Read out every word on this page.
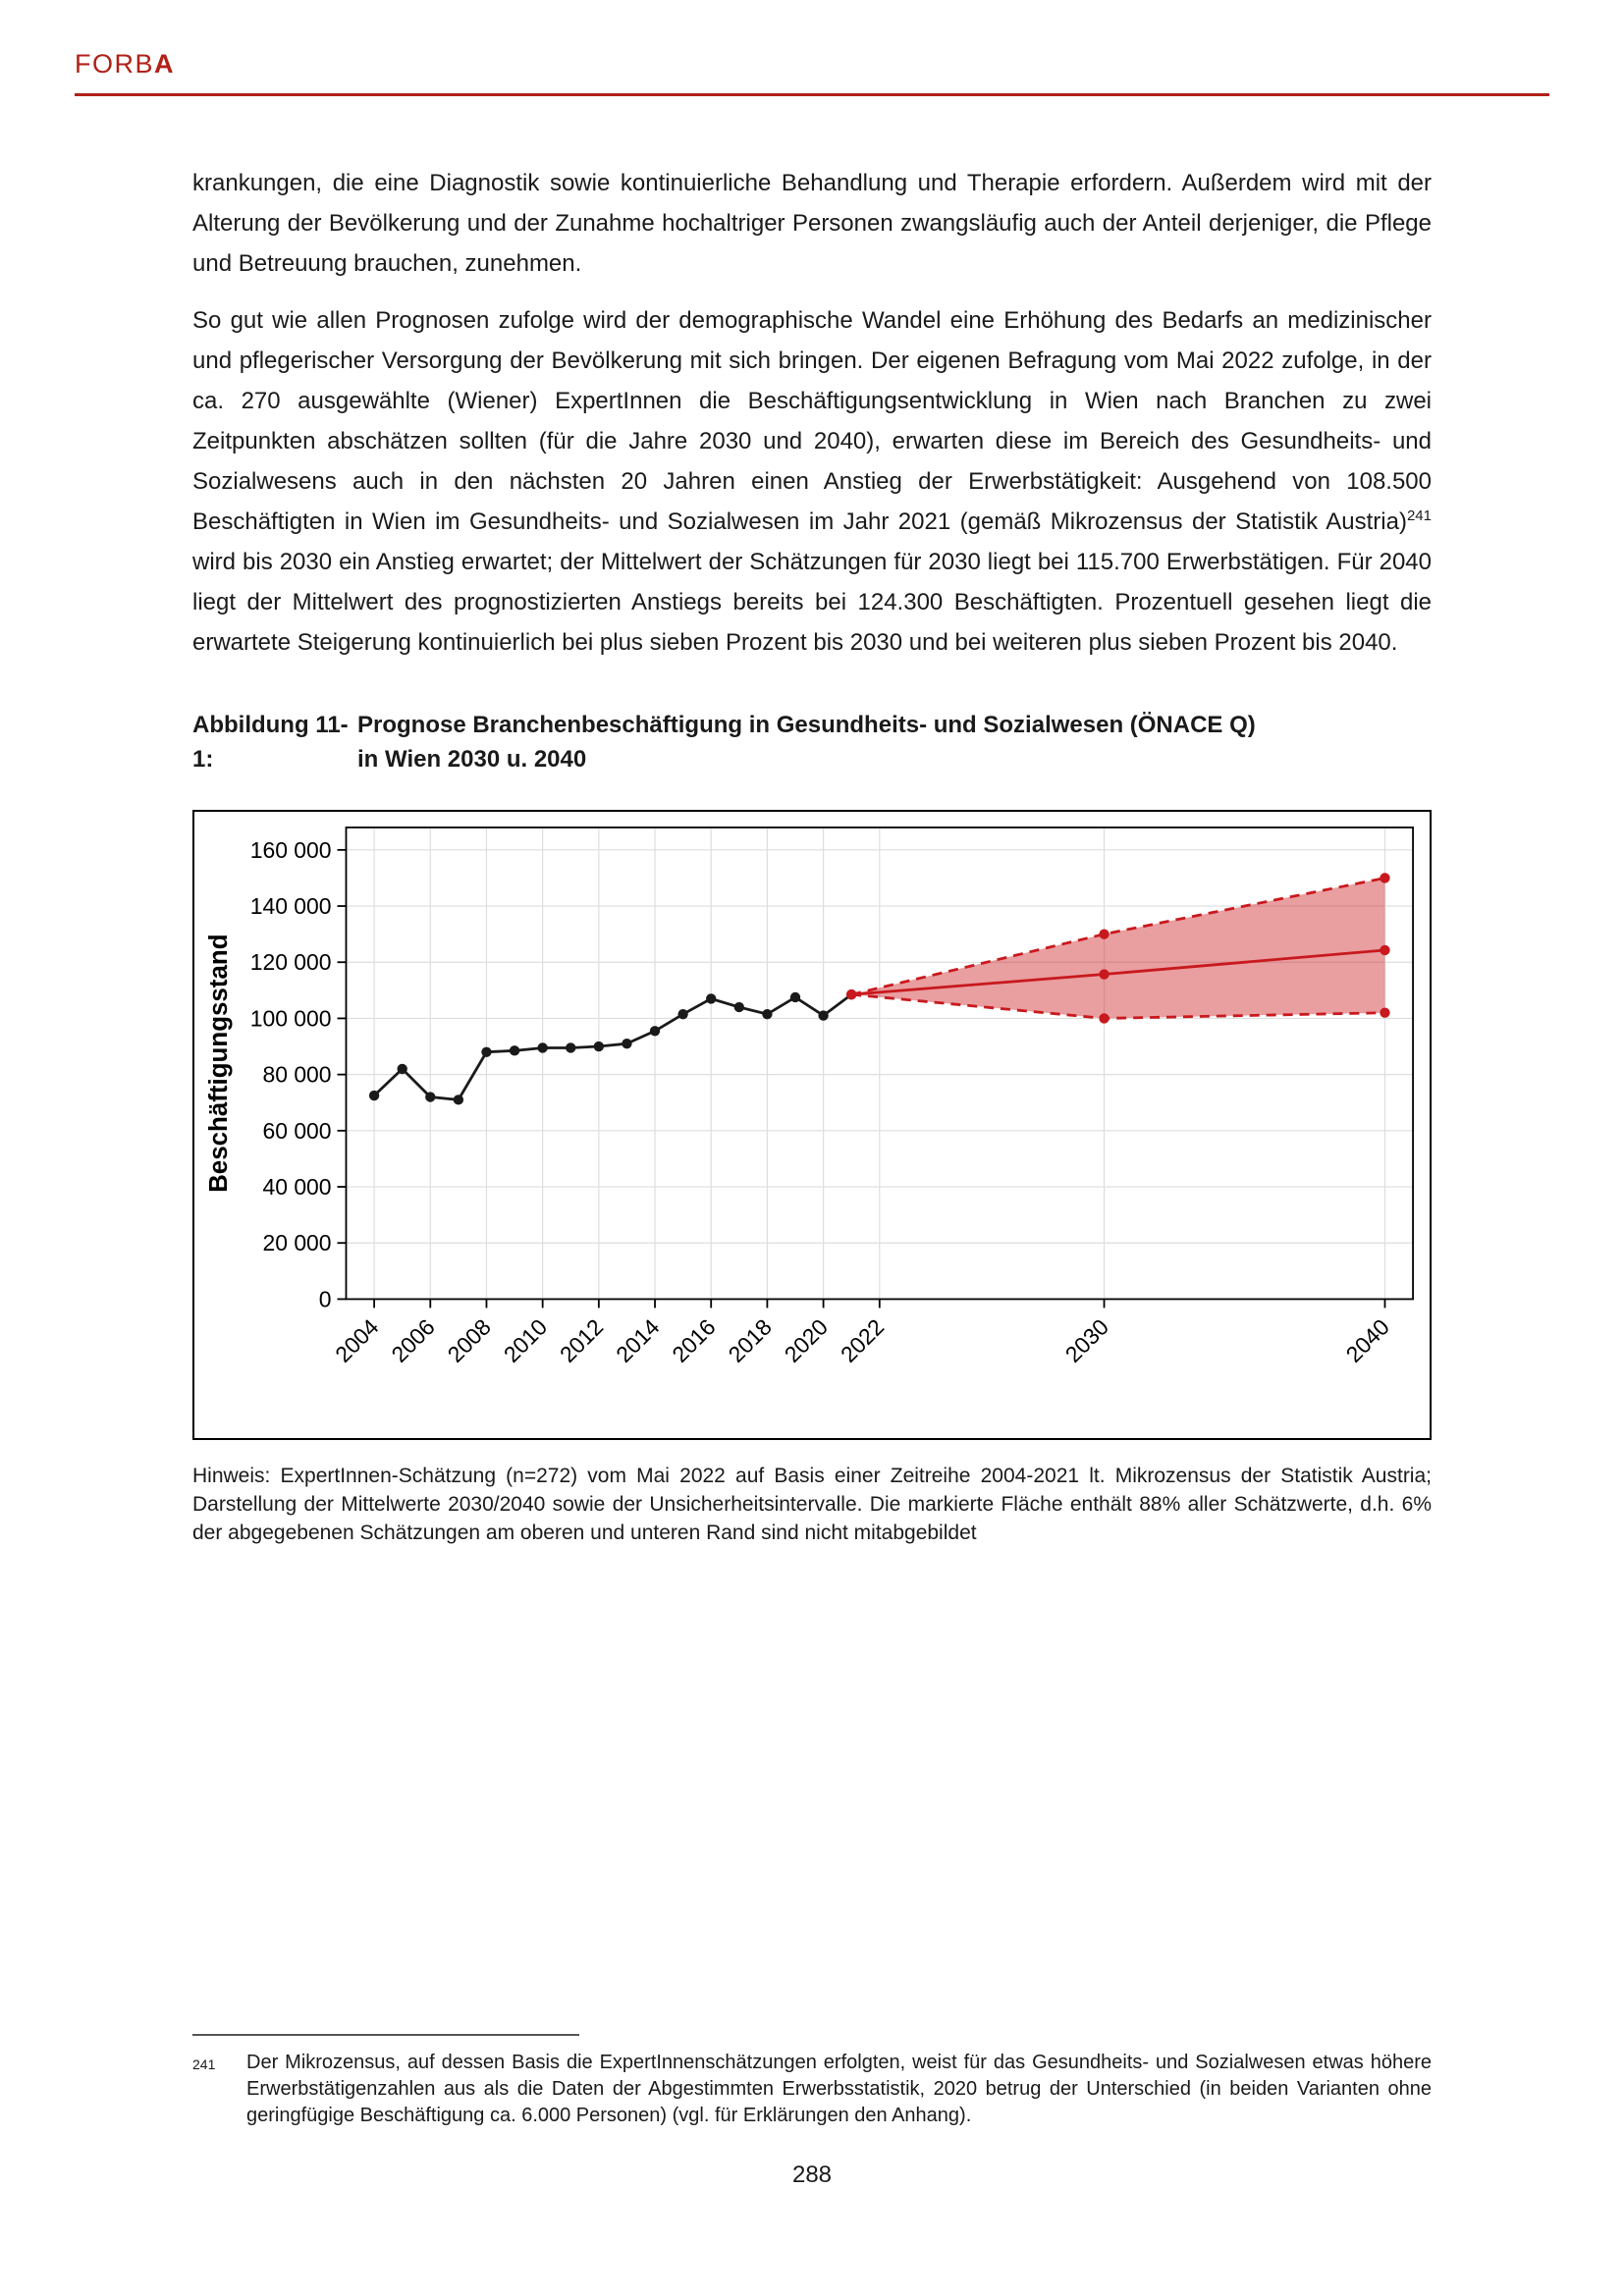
FORBA

krankungen, die eine Diagnostik sowie kontinuierliche Behandlung und Therapie erfordern. Außerdem wird mit der Alterung der Bevölkerung und der Zunahme hochaltriger Personen zwangsläufig auch der Anteil derjeniger, die Pflege und Betreuung brauchen, zunehmen.

So gut wie allen Prognosen zufolge wird der demographische Wandel eine Erhöhung des Bedarfs an medizinischer und pflegerischer Versorgung der Bevölkerung mit sich bringen. Der eigenen Befragung vom Mai 2022 zufolge, in der ca. 270 ausgewählte (Wiener) ExpertInnen die Beschäftigungsentwicklung in Wien nach Branchen zu zwei Zeitpunkten abschätzen sollten (für die Jahre 2030 und 2040), erwarten diese im Bereich des Gesundheits- und Sozialwesens auch in den nächsten 20 Jahren einen Anstieg der Erwerbstätigkeit: Ausgehend von 108.500 Beschäftigten in Wien im Gesundheits- und Sozialwesen im Jahr 2021 (gemäß Mikrozensus der Statistik Austria)$^{241}$ wird bis 2030 ein Anstieg erwartet; der Mittelwert der Schätzungen für 2030 liegt bei 115.700 Erwerbstätigen. Für 2040 liegt der Mittelwert des prognostizierten Anstiegs bereits bei 124.300 Beschäftigten. Prozentuell gesehen liegt die erwartete Steigerung kontinuierlich bei plus sieben Prozent bis 2030 und bei weiteren plus sieben Prozent bis 2040.

Abbildung 11-1:
Prognose Branchenbeschäftigung in Gesundheits- und Sozialwesen (ÖNACE Q)
in Wien 2030 u. 2040
0
20 000
40 000
60 000
80 000
100 000
120 000
140 000
160 000
2004 2006 2008 2010 2012 2014 2016 2018 2020 2022	2030	2040
Beschäftigungsstand

Hinweis: ExpertInnen-Schätzung (n=272) vom Mai 2022 auf Basis einer Zeitreihe 2004-2021 lt. Mikrozensus der Statistik Austria; Darstellung der Mittelwerte 2030/2040 sowie der Unsicherheitsintervalle. Die markierte Fläche enthält 88% aller Schätzwerte, d.h. 6% der abgegebenen Schätzungen am oberen und unteren Rand sind nicht mitabgebildet

241	Der Mikrozensus, auf dessen Basis die ExpertInnenschätzungen erfolgten, weist für das Gesundheits- und Sozialwesen etwas höhere Erwerbstätigenzahlen aus als die Daten der Abgestimmten Erwerbsstatistik, 2020 betrug der Unterschied (in beiden Varianten ohne geringfügige Beschäftigung ca. 6.000 Personen) (vgl. für Erklärungen den Anhang).
288
